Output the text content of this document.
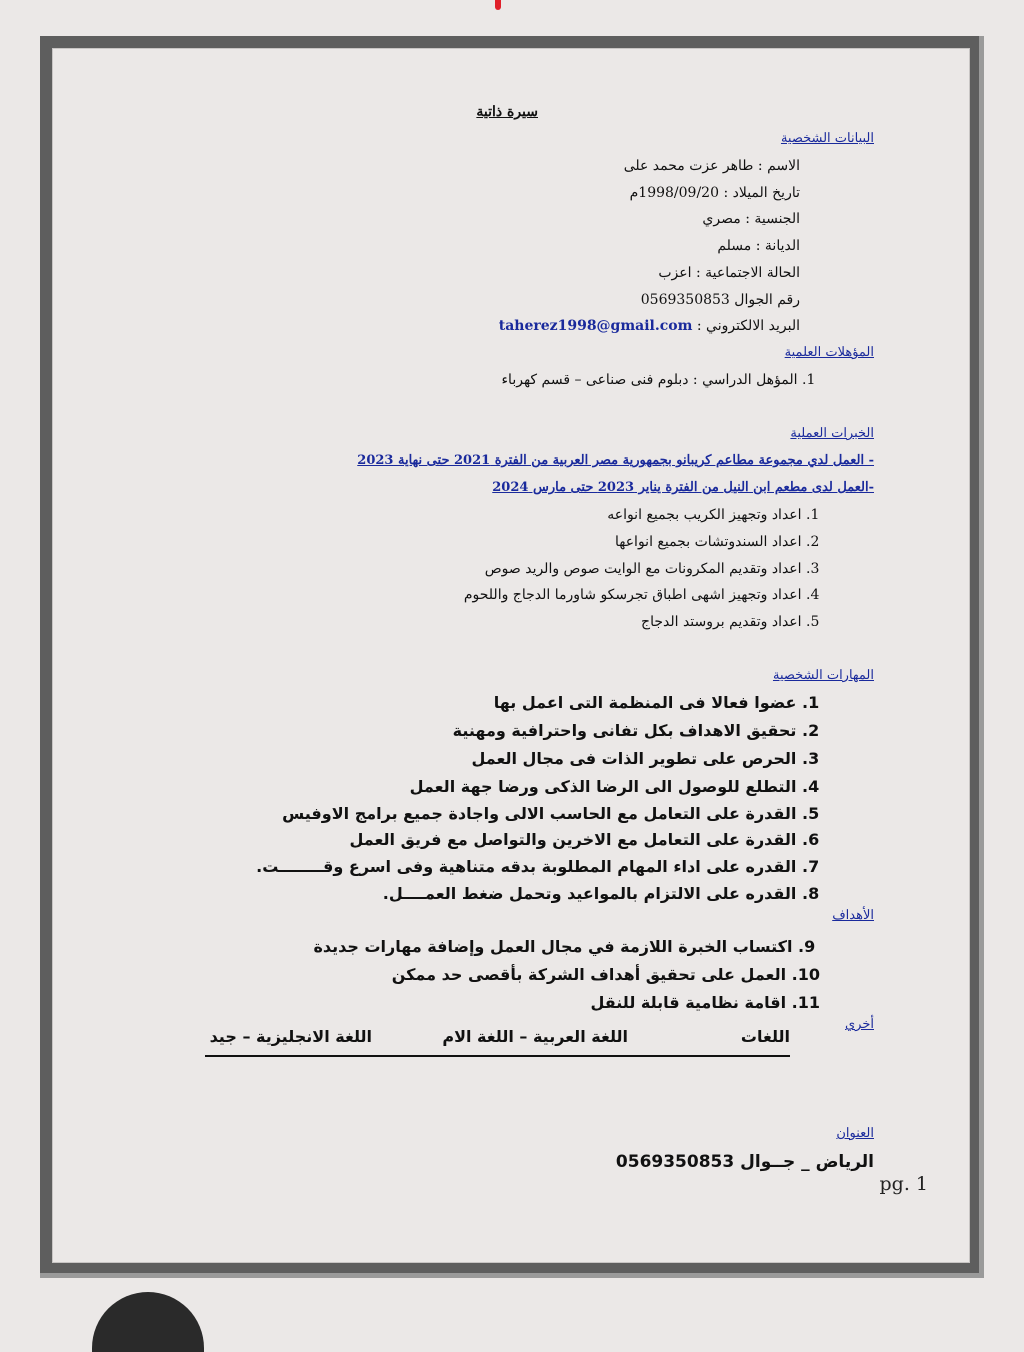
سيرة ذاتية
البيانات الشخصية
الاسم : طاهر عزت محمد على
تاريخ الميلاد : 1998/09/20م
الجنسية : مصري
الديانة : مسلم
الحالة الاجتماعية : اعزب
رقم الجوال 0569350853
البريد الالكتروني : taherez1998@gmail.com
المؤهلات العلمية
1. المؤهل الدراسي : دبلوم فنى صناعى – قسم كهرباء
الخبرات العملية
- العمل لدي مجموعة مطاعم كريبانو بجمهورية مصر العربية من الفترة 2021 حتى نهاية 2023
-العمل لدى مطعم ابن النيل من الفترة يناير 2023 حتى مارس 2024
1. اعداد وتجهيز الكريب بجميع انواعه
2. اعداد السندوتشات بجميع انواعها
3. اعداد وتقديم المكرونات مع الوايت صوص والريد صوص
4. اعداد وتجهيز اشهى اطباق تجرسكو شاورما الدجاج واللحوم
5. اعداد وتقديم بروستد الدجاج
المهارات الشخصية
1. عضوا فعالا فى المنظمة التى اعمل بها
2. تحقيق الاهداف بكل تفانى واحترافية ومهنية
3. الحرص على تطوير الذات فى مجال العمل
4. التطلع للوصول الى الرضا الذكى ورضا جهة العمل
5. القدرة على التعامل مع الحاسب الالى واجادة جميع برامج الاوفيس
6. القدرة على التعامل مع الاخرين والتواصل مع فريق العمل
7. القدره على اداء المهام المطلوبة بدقه متناهية وفى اسرع وقــــــــت.
8. القدره على الالتزام بالمواعيد وتحمل ضغط العمــــل.
الأهداف
9. اكتساب الخبرة اللازمة في مجال العمل وإضافة مهارات جديدة
10. العمل على تحقيق أهداف الشركة بأقصى حد ممكن
11. اقامة نظامية قابلة للنقل
أخري
اللغات
اللغة العربية – اللغة الام
اللغة الانجليزية – جيد
العنوان
الرياض _ جــوال 0569350853
pg. 1
